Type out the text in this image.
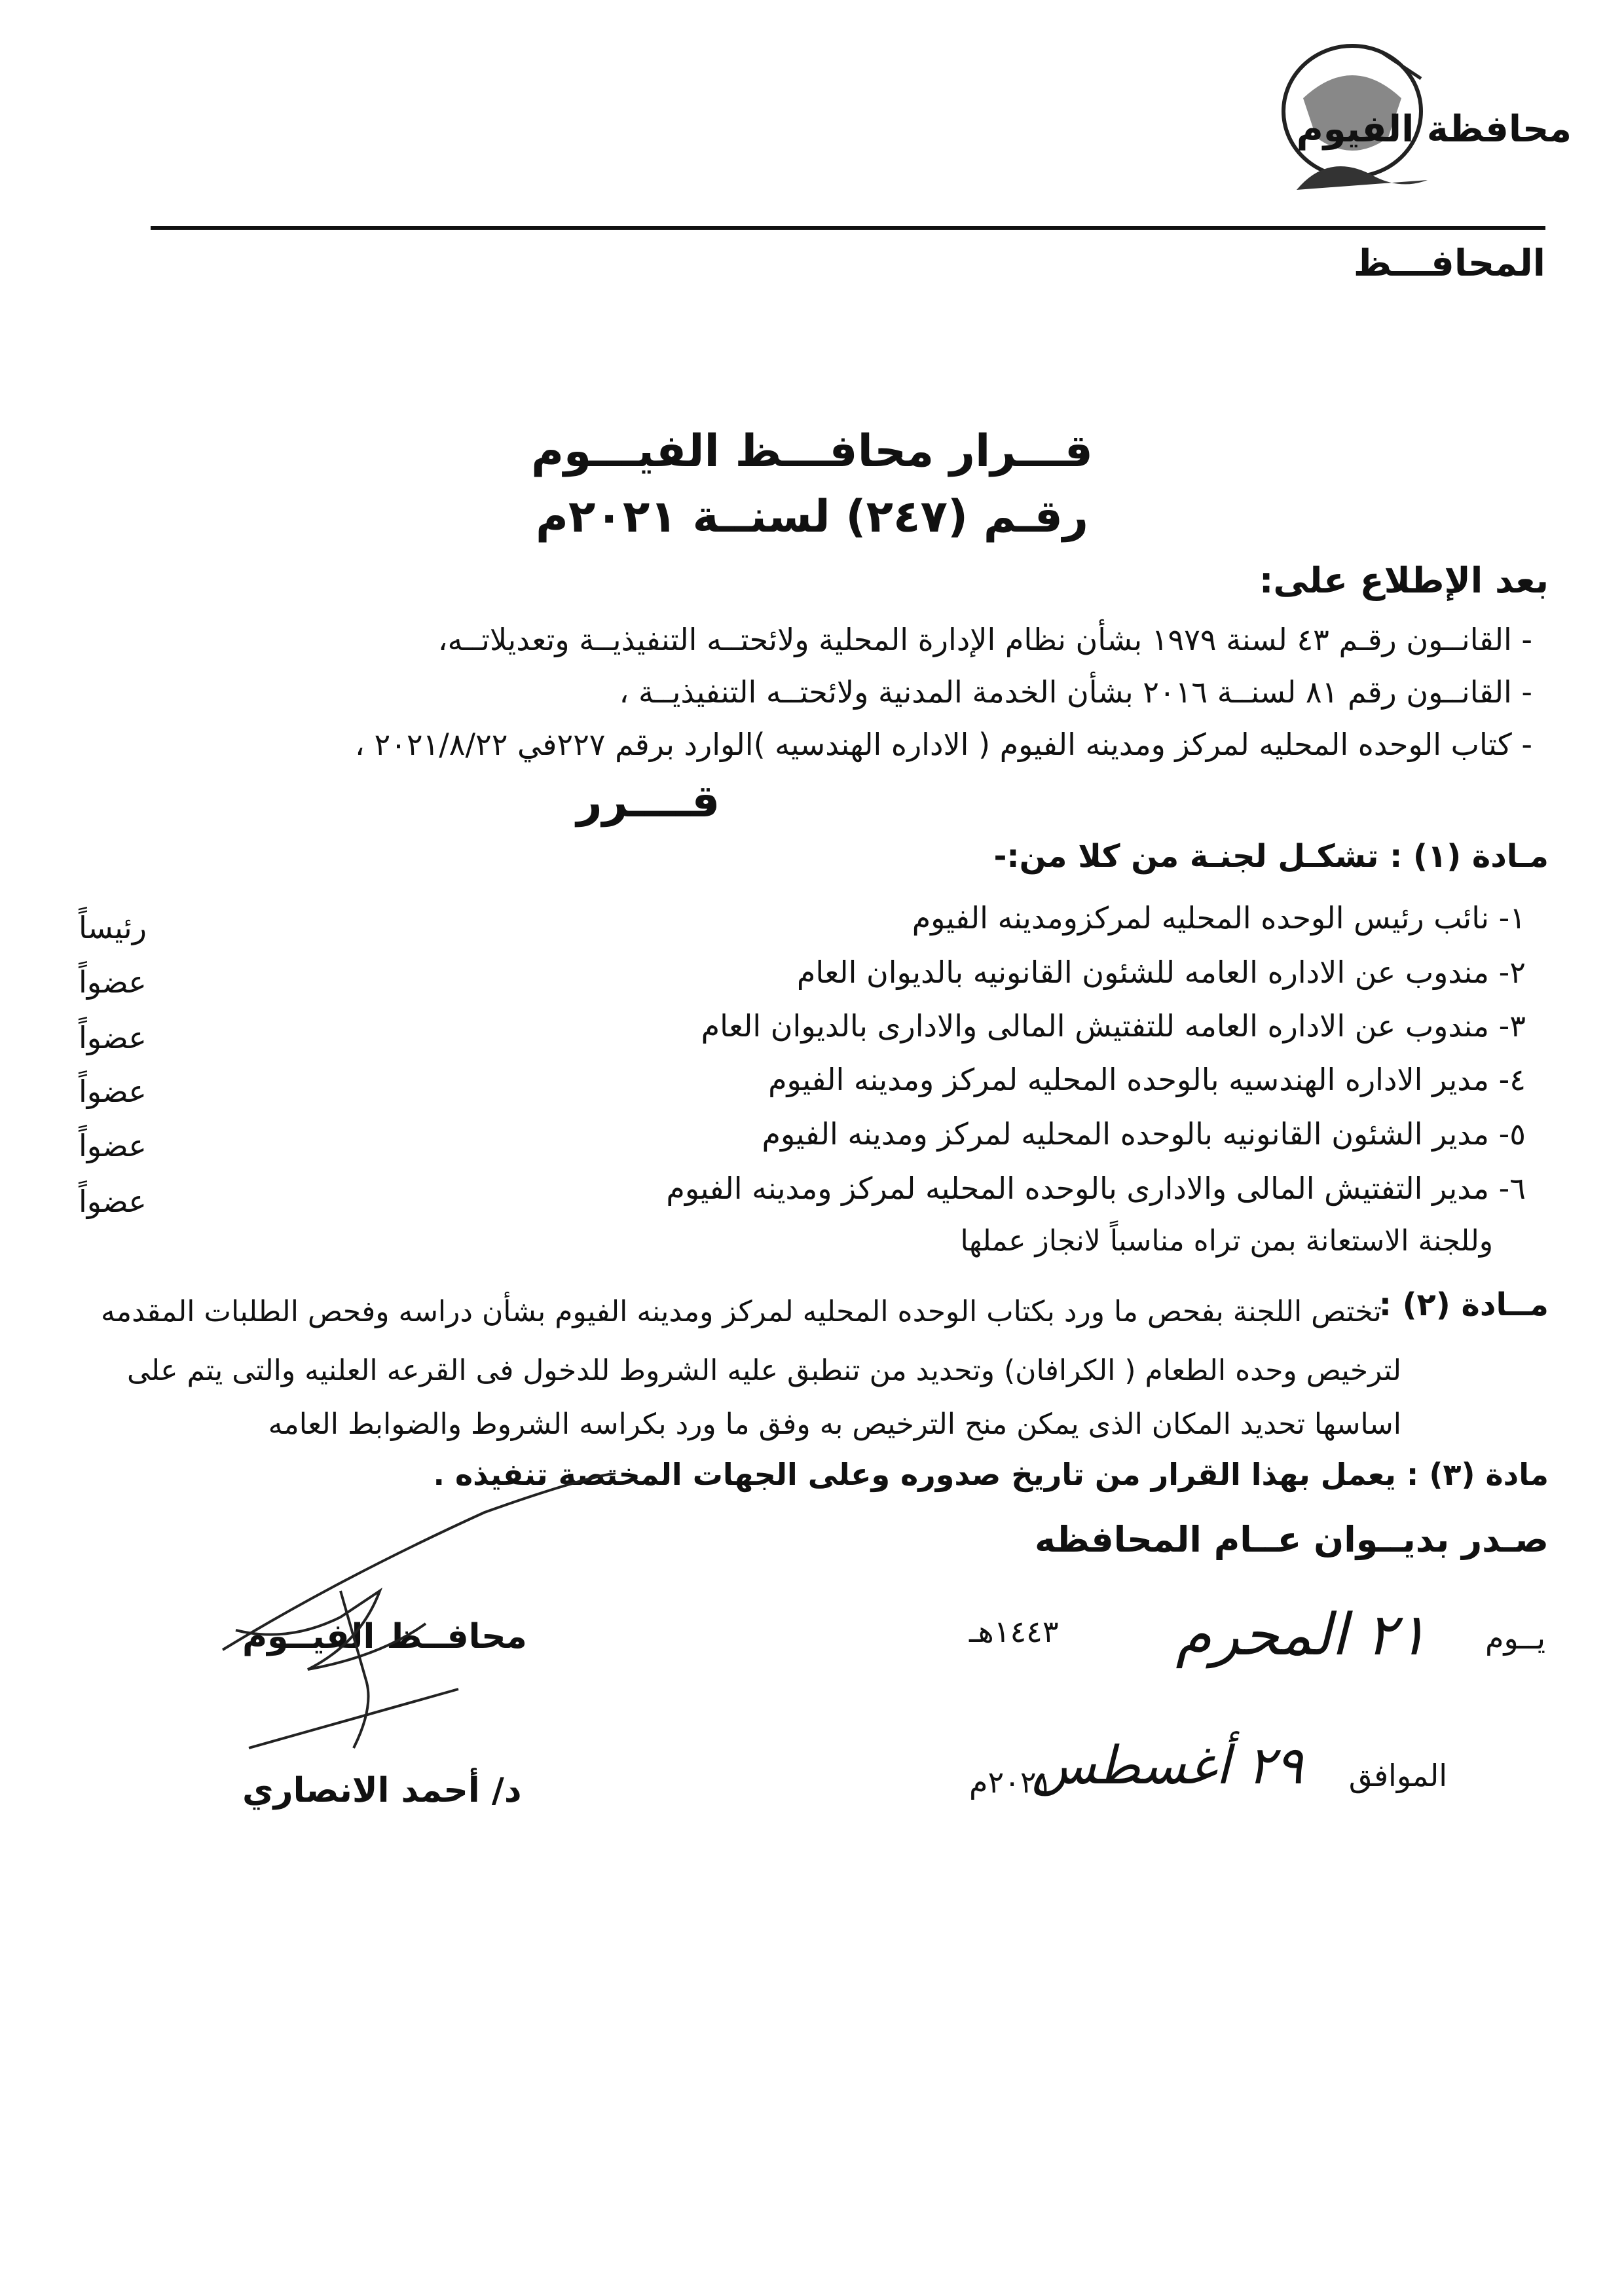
محافظة الفيوم
المحافـــظ
قـــرار محافـــظ الفيـــوم
رقـم (٢٤٧) لسنــة ٢٠٢١م
بعد الإطلاع على:
- القانــون رقـم ٤٣ لسنة ١٩٧٩ بشأن نظام الإدارة المحلية ولائحتــه التنفيذيــة وتعديلاتــه،
- القانــون رقم ٨١ لسنــة ٢٠١٦ بشأن الخدمة المدنية ولائحتــه التنفيذيــة ،
- كتاب الوحده المحليه لمركز ومدينه الفيوم ( الاداره الهندسيه )الوارد برقم ٢٢٧في ٢٠٢١/٨/٢٢ ،
قــــرر
مـادة (١) : تشكـل لجنـة من كلا من:-
١- نائب رئيس الوحده المحليه لمركزومدينه الفيوم
رئيساً
٢- مندوب عن الاداره العامه للشئون القانونيه بالديوان العام
عضواً
٣- مندوب عن الاداره العامه للتفتيش المالى والادارى بالديوان العام
عضواً
٤- مدير الاداره الهندسيه بالوحده المحليه لمركز ومدينه الفيوم
عضواً
٥- مدير الشئون القانونيه بالوحده المحليه لمركز ومدينه الفيوم
عضواً
٦- مدير التفتيش المالى والادارى بالوحده المحليه لمركز ومدينه الفيوم
عضواً
وللجنة الاستعانة بمن تراه مناسباً لانجاز عملها
مــادة (٢) :
تختص اللجنة بفحص ما ورد بكتاب الوحده المحليه لمركز ومدينه الفيوم بشأن دراسه وفحص الطلبات المقدمه
لترخيص وحده الطعام ( الكرافان) وتحديد من تنطبق عليه الشروط للدخول فى القرعه العلنيه والتى يتم على
اساسها تحديد المكان الذى يمكن منح الترخيص به وفق ما ورد بكراسه الشروط والضوابط العامه
مادة (٣) : يعمل بهذا القرار من تاريخ صدوره وعلى الجهات المختصة تنفيذه .
صـدر بديــوان عــام المحافظه
يــوم
٢١ المحرم
١٤٤٣هـ
الموافق
٢٩ أغسطس
٢٠٢١م
محافــظ الفيــوم
د/ أحمد الانصاري
